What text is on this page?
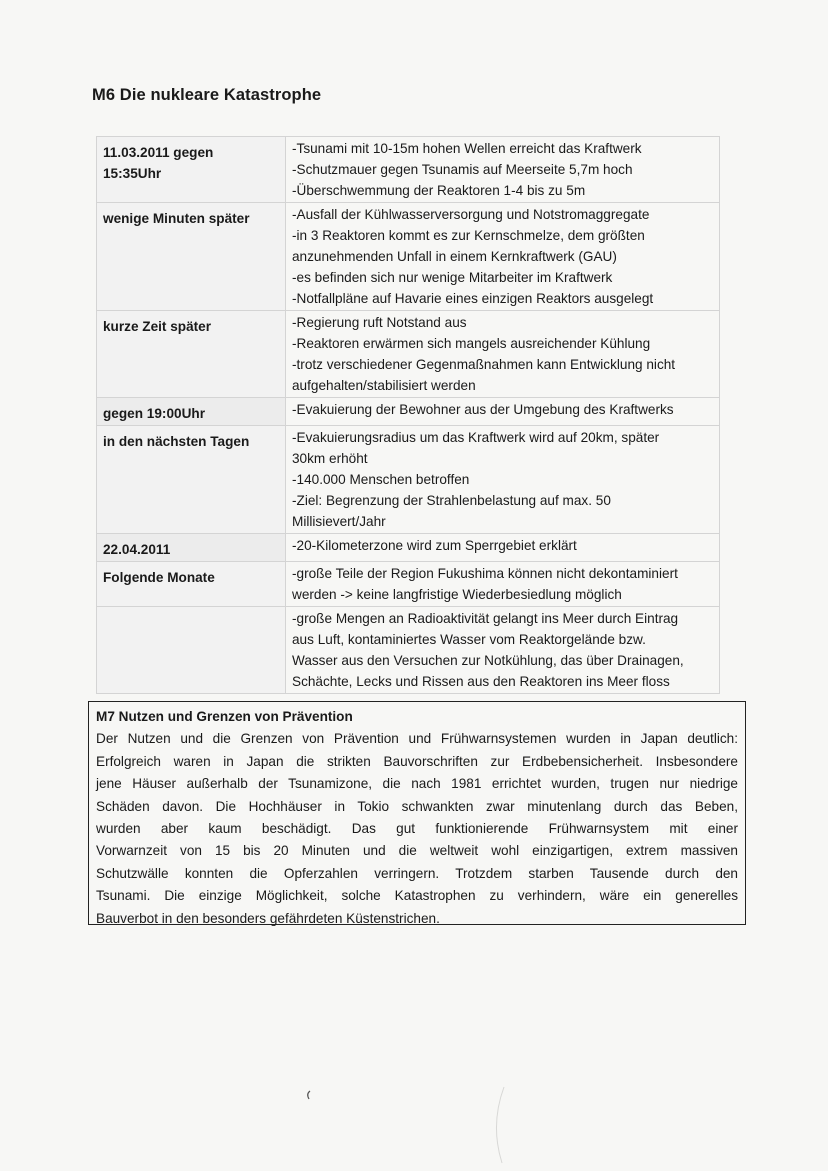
M6 Die nukleare Katastrophe
11.03.2011 gegen
15:35Uhr	-Tsunami mit 10-15m hohen Wellen erreicht das Kraftwerk
-Schutzmauer gegen Tsunamis auf Meerseite 5,7m hoch
-Überschwemmung der Reaktoren 1-4 bis zu 5m

wenige Minuten später	-Ausfall der Kühlwasserversorgung und Notstromaggregate
-in 3 Reaktoren kommt es zur Kernschmelze, dem größten
anzunehmenden Unfall in einem Kernkraftwerk (GAU)
-es befinden sich nur wenige Mitarbeiter im Kraftwerk
-Notfallpläne auf Havarie eines einzigen Reaktors ausgelegt

kurze Zeit später	-Regierung ruft Notstand aus
-Reaktoren erwärmen sich mangels ausreichender Kühlung
-trotz verschiedener Gegenmaßnahmen kann Entwicklung nicht
aufgehalten/stabilisiert werden

gegen 19:00Uhr	-Evakuierung der Bewohner aus der Umgebung des Kraftwerks

in den nächsten Tagen	-Evakuierungsradius um das Kraftwerk wird auf 20km, später
30km erhöht
-140.000 Menschen betroffen
-Ziel: Begrenzung der Strahlenbelastung auf max. 50
Millisievert/Jahr

22.04.2011	-20-Kilometerzone wird zum Sperrgebiet erklärt

Folgende Monate	-große Teile der Region Fukushima können nicht dekontaminiert
werden -> keine langfristige Wiederbesiedlung möglich

	-große Mengen an Radioaktivität gelangt ins Meer durch Eintrag
aus Luft, kontaminiertes Wasser vom Reaktorgelände bzw.
Wasser aus den Versuchen zur Notkühlung, das über Drainagen,
Schächte, Lecks und Rissen aus den Reaktoren ins Meer floss
M7 Nutzen und Grenzen von Prävention
Der Nutzen und die Grenzen von Prävention und Frühwarnsystemen wurden in Japan deutlich:
Erfolgreich waren in Japan die strikten Bauvorschriften zur Erdbebensicherheit. Insbesondere
jene Häuser außerhalb der Tsunamizone, die nach 1981 errichtet wurden, trugen nur niedrige
Schäden davon. Die Hochhäuser in Tokio schwankten zwar minutenlang durch das Beben,
wurden aber kaum beschädigt. Das gut funktionierende Frühwarnsystem mit einer
Vorwarnzeit von 15 bis 20 Minuten und die weltweit wohl einzigartigen, extrem massiven
Schutzwälle konnten die Opferzahlen verringern. Trotzdem starben Tausende durch den
Tsunami. Die einzige Möglichkeit, solche Katastrophen zu verhindern, wäre ein generelles
Bauverbot in den besonders gefährdeten Küstenstrichen.
